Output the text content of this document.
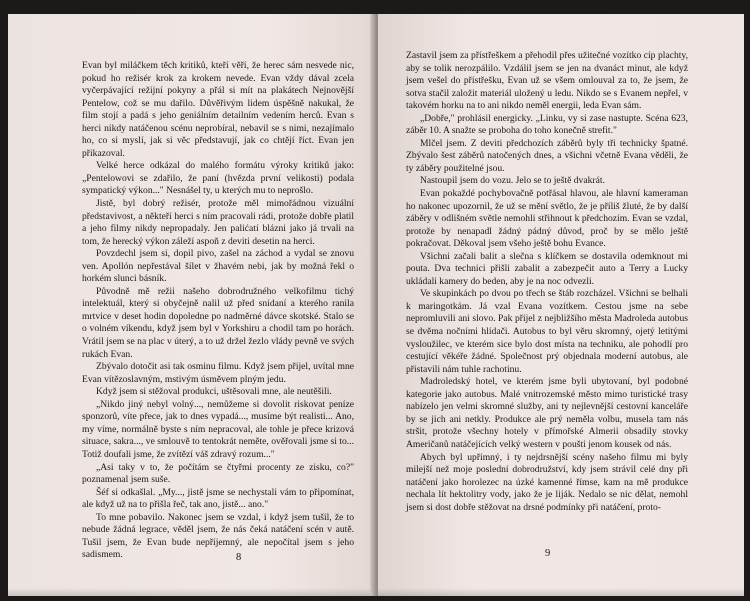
Evan byl miláčkem těch kritiků, kteří věří, že herec sám nesvede nic, pokud ho režisér krok za krokem nevede. Evan vždy dával zcela vyčerpávající režijní pokyny a přál si mít na plakátech Nejnovější Pentelow, což se mu dařilo. Důvěřivým lidem úspěšně nakukal, že film stojí a padá s jeho geniálním detailním vedením herců. Evan s herci nikdy natáčenou scénu neprobíral, nebavil se s nimi, nezajímalo ho, co si myslí, jak si věc představují, jak co chtějí říct. Evan jen přikazoval.

Velké herce odkázal do malého formátu výroky kritiků jako: „Pentelowovi se zdařilo, že paní (hvězda první velikosti) podala sympatický výkon..." Nesnášel ty, u kterých mu to neprošlo.

Jistě, byl dobrý režisér, protože měl mimořádnou vizuální představivost, a někteří herci s ním pracovali rádi, protože dobře platil a jeho filmy nikdy nepropadaly. Jen palićatí blázni jako já trvali na tom, že herecký výkon záleží aspoň z deviti desetin na herci.

Povzdechl jsem si, dopil pivo, zašel na záchod a vydal se znovu ven. Apollón nepřestával šílet v žhavém nebi, jak by možná řekl o horkém slunci básník.

Původně mě režii našeho dobrodružného velkofilmu tichý intelektuál, který si obyčejně nalil už před snídaní a kterého ranila mrtvice v deset hodin dopoledne po nadměrné dávce skotské. Stalo se o volném víkendu, když jsem byl v Yorkshiru a chodil tam po horách. Vrátil jsem se na plac v úterý, a to už držel žezlo vlády pevně ve svých rukách Evan.

Zbývalo dotočit asi tak osminu filmu. Když jsem přijel, uvítal mne Evan vítězoslavným, mstivým úsměvem plným jedu.

Když jsem si stěžoval produkci, uštěsovali mne, ale neutěšili.

„Nikdo jiný nebyl volný..., nemůžeme si dovolit riskovat peníze sponzorů, víte přece, jak to dnes vypadá..., musíme být realisti... Ano, my víme, normálně byste s ním nepracoval, ale tohle je přece krizová situace, sakra..., ve smlouvě to tentokrát neměte, ověřovali jsme si to... Totiž doufali jsme, že zvítězí váš zdravý rozum..."

„Asi taky v to, že počítám se čtyřmi procenty ze zisku, co?" poznamenal jsem suše.

Šéf si odkašlal. „My..., jistě jsme se nechystali vám to připomínat, ale když už na to přišla řeč, tak ano, jistě... ano."

To mne pobavilo. Nakonec jsem se vzdal, i když jsem tušil, že to nebude žádná legrace, věděl jsem, že nás čeká natáčení scén v autě. Tušil jsem, že Evan bude nepříjemný, ale nepočítal jsem s jeho sadismem.	8

Zastavil jsem za přístřeškem a přehodil přes užitečné vozítko cíp plachty, aby se tolik nerozpálilo. Vzdálil jsem se jen na dvanáct minut, ale když jsem vešel do přístřešku, Evan už se všem omlouval za to, že jsem, že sotva stačil založit materiál uložený u ledu. Nikdo se s Evanem nepřel, v takovém horku na to ani nikdo neměl energii, leda Evan sám.

„Dobře," prohlásil energicky. „Linku, vy si zase nastupte. Scéna 623, záběr 10. A snažte se proboha do toho konečně strefit."

Mlčel jsem. Z deviti předchozích záběrů byly tři technicky špatné. Zbývalo šest záběrů natočených dnes, a všichni včetně Evana věděli, že ty záběry použitelné jsou.

Nastoupil jsem do vozu. Jelo se to ještě dvakrát.

Evan pokaždé pochybovačně potřásal hlavou, ale hlavní kameraman ho nakonec upozornil, že už se mění světlo, že je příliš žluté, že by další záběry v odlišném světle nemohli střihnout k předchozím. Evan se vzdal, protože by nenapadl žádný pádný důvod, proč by se mělo ještě pokračovat. Děkoval jsem všeho ještě bohu Evance.

Všichni začali balit a slečna s klíčkem se dostavila odemknout mi pouta. Dva technici přišli zabalit a zabezpečit auto a Terry a Lucky ukládali kamery do beden, aby je na noc odvezli.

Ve skupinkách po dvou po třech se štáb rozcházel. Všichni se belhali k maringotkám. Já vzal Evana vozítkem. Cestou jsme na sebe nepromluvili ani slovo. Pak přijel z nejbližšího města Madroleda autobus se dvěma nočními hlídači. Autobus to byl věru skromný, ojetý letitými vysloužilec, ve kterém sice bylo dost místa na techniku, ale pohodlí pro cestující věkéře žádné. Společnost prý objednala moderní autobus, ale přistavili nám tuhle rachotinu.

Madroledský hotel, ve kterém jsme byli ubytovaní, byl podobné kategorie jako autobus. Malé vnitrozemské město mimo turistické trasy nabízelo jen velmi skromné služby, ani ty nejlevnější cestovní kanceláře by se jich ani netkly. Produkce ale prý neměla volbu, musela tam nás stršit, protože všechny hotely v přímořské Almerii obsadily stovky Američanů natáčejících velký western v poušti jenom kousek od nás.

Abych byl upřímný, i ty nejdrsnější scény našeho filmu mi byly milejší než moje poslední dobrodružství, kdy jsem strávil celé dny při natáčení jako horolezec na úzké kamenné římse, kam na mě produkce nechala lít hektolitry vody, jako že je liják. Nedalo se nic dělat, nemohl jsem si dost dobře stěžovat na drsné podmínky při natáčení, proto-

9
